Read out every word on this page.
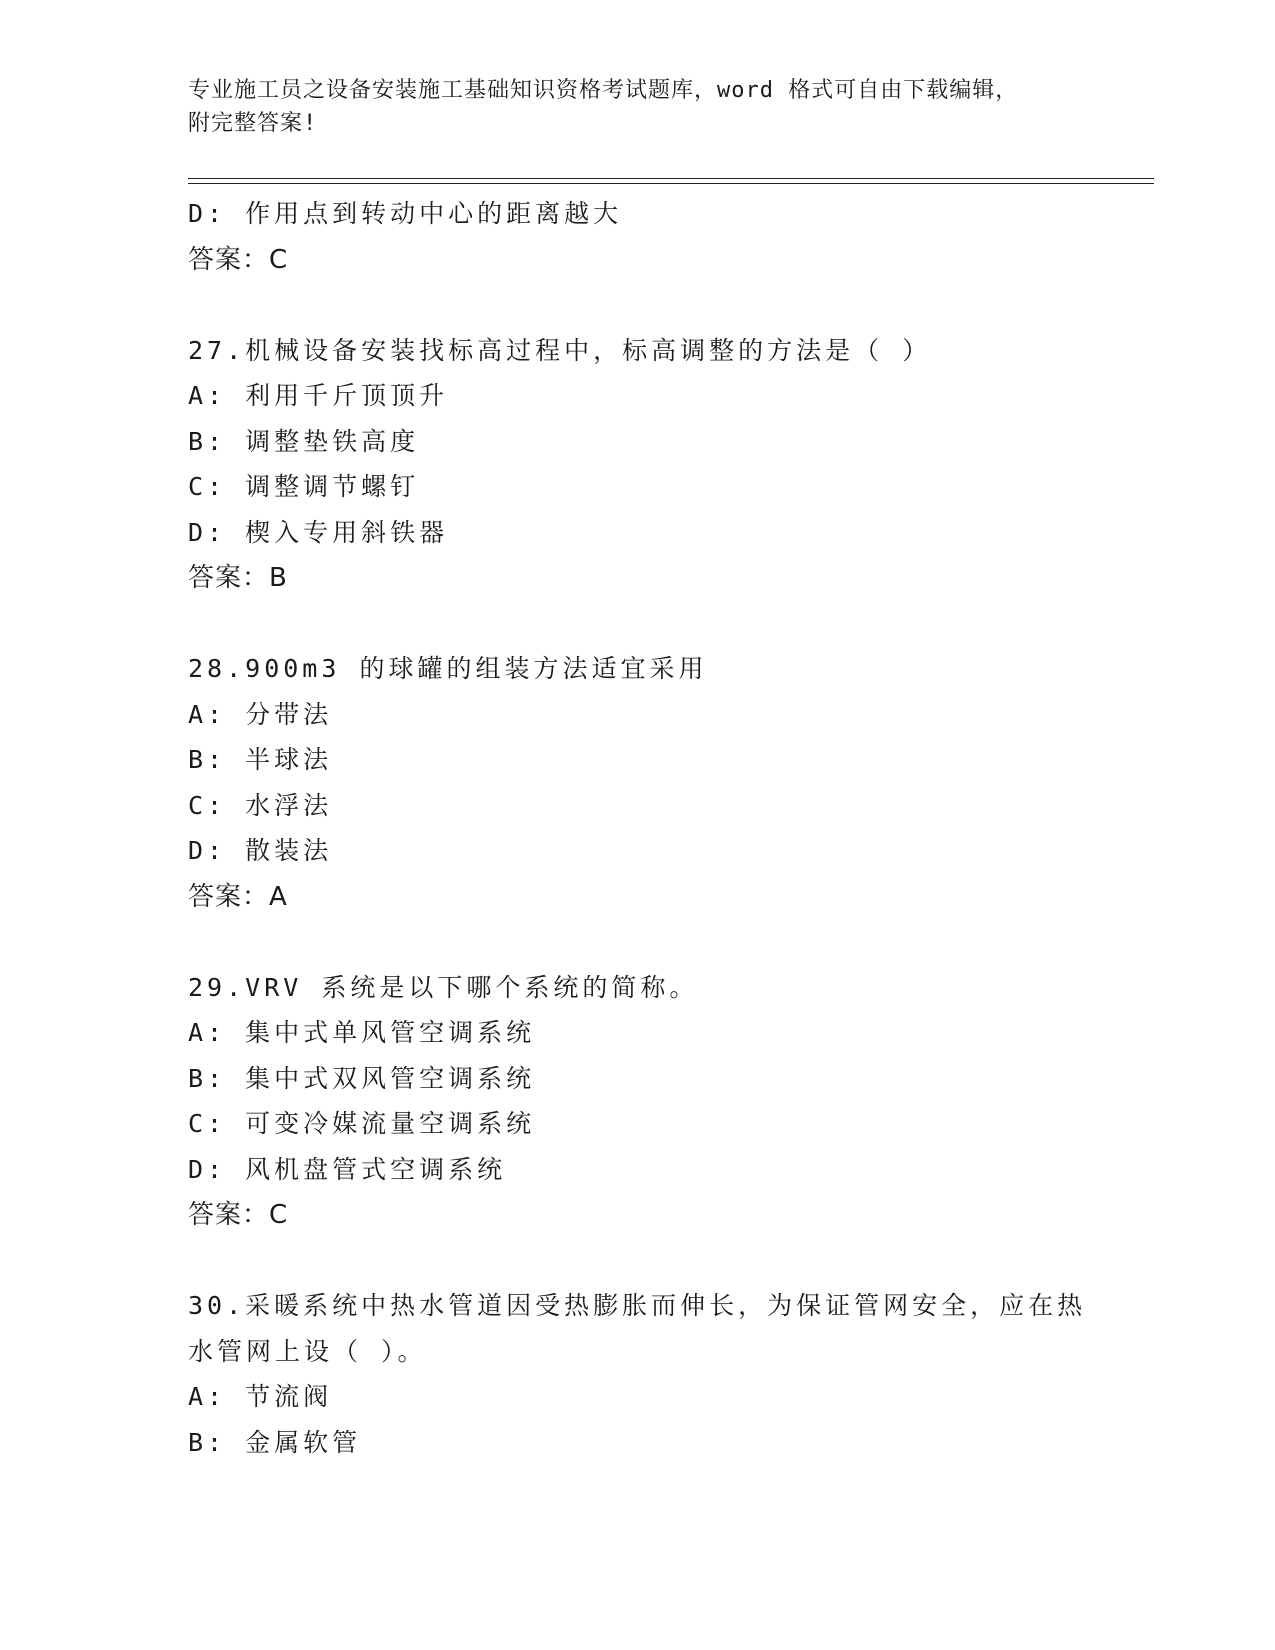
专业施工员之设备安装施工基础知识资格考试题库，word 格式可自由下载编辑，
附完整答案!
D: 作用点到转动中心的距离越大
答案：C
27.机械设备安装找标高过程中，标高调整的方法是（ ）
A: 利用千斤顶顶升
B: 调整垫铁高度
C: 调整调节螺钉
D: 楔入专用斜铁器
答案：B
28.900m3 的球罐的组装方法适宜采用
A: 分带法
B: 半球法
C: 水浮法
D: 散装法
答案：A
29.VRV 系统是以下哪个系统的简称。
A: 集中式单风管空调系统
B: 集中式双风管空调系统
C: 可变冷媒流量空调系统
D: 风机盘管式空调系统
答案：C
30.采暖系统中热水管道因受热膨胀而伸长，为保证管网安全，应在热
水管网上设（ ）。
A: 节流阀
B: 金属软管
